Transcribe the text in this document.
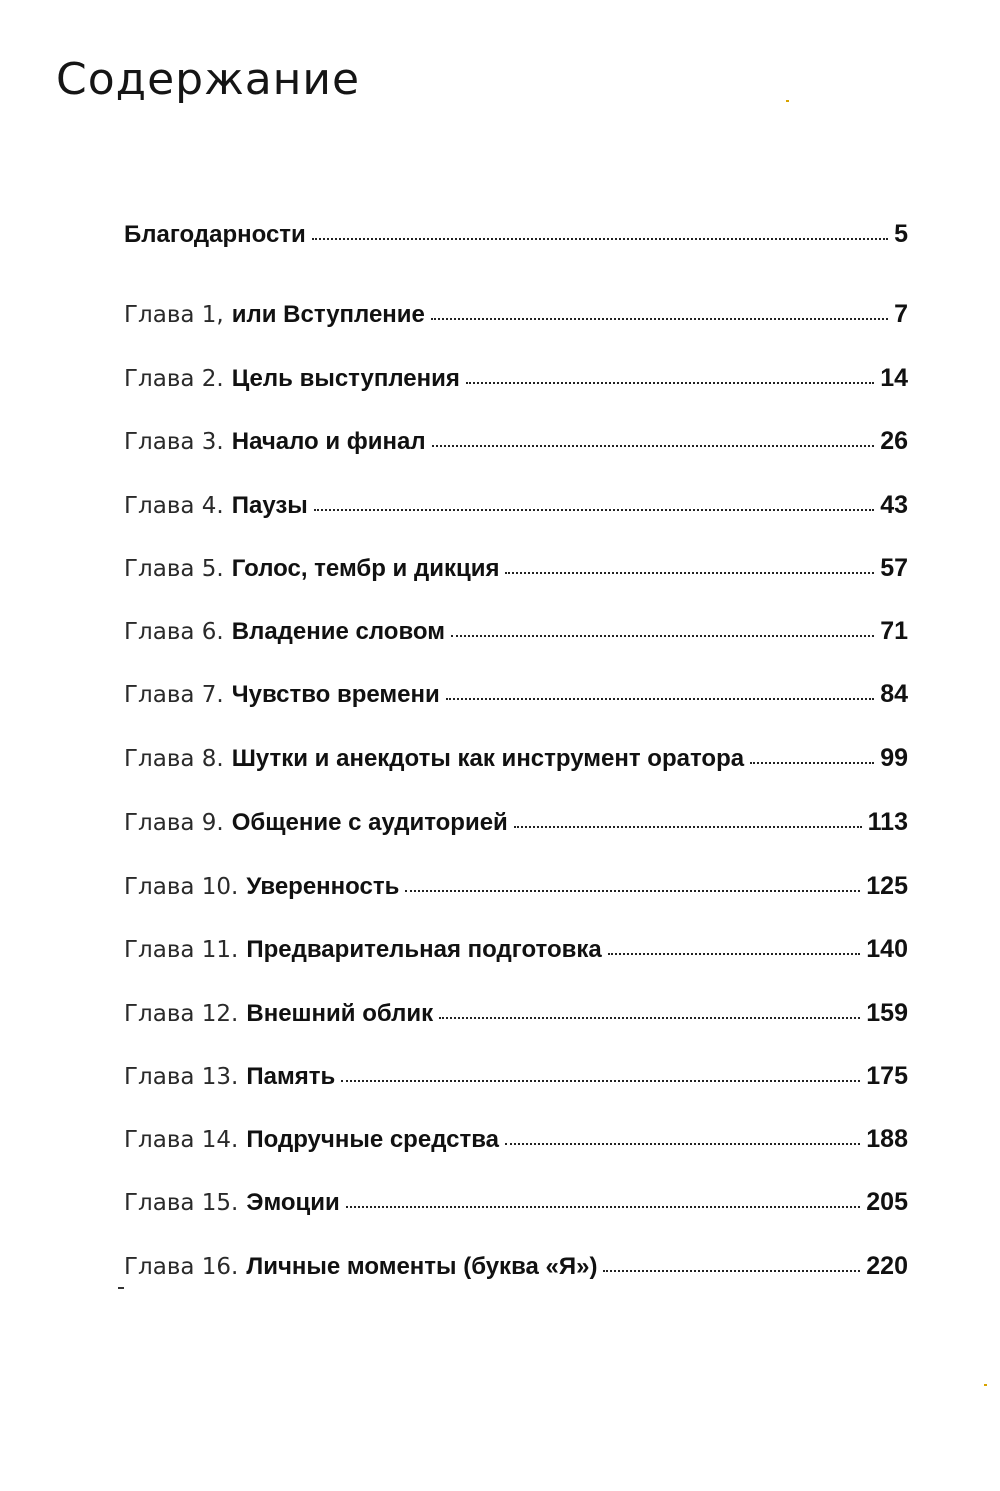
Содержание
Благодарности	5
Глава 1, или Вступление	7
Глава 2. Цель выступления	14
Глава 3. Начало и финал	26
Глава 4. Паузы	43
Глава 5. Голос, тембр и дикция	57
Глава 6. Владение словом	71
Глава 7. Чувство времени	84
Глава 8. Шутки и анекдоты как инструмент оратора	99
Глава 9. Общение с аудиторией	113
Глава 10. Уверенность	125
Глава 11. Предварительная подготовка	140
Глава 12. Внешний облик	159
Глава 13. Память	175
Глава 14. Подручные средства	188
Глава 15. Эмоции	205
Глава 16. Личные моменты (буква «Я»)	220
